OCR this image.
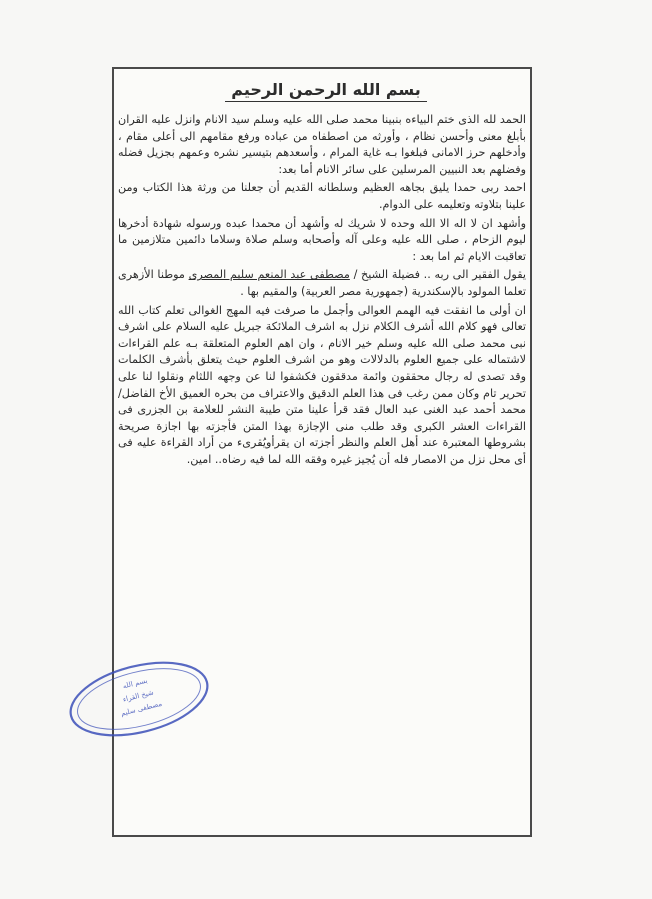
بسم الله الرحمن الرحيم

الحمد لله الذى ختم البياءه بنبينا محمد صلى الله عليه وسلم سيد الانام وانزل عليه القران بأبلغ معنى وأحسن نظام ، وأورثه من اصطفاه من عباده ورفع مقامهم الى أعلى مقام ، وأدخلهم حرز الامانى فبلغوا بـه غاية المرام ، وأسعدهم بتيسير نشره وعمهم بجزيل فضله وفضلهم بعد النبيين المرسلين على سائر الانام أما بعد:

احمد ربى حمدا يليق بجاهه العظيم وسلطانه القديم أن جعلنا من ورثة هذا الكتاب ومن علينا بتلاوته وتعليمه على الدوام.

وأشهد ان لا اله الا الله وحده لا شريك له وأشهد أن محمدا عبده ورسوله شهادة أدخرها ليوم الزحام ، صلى الله عليه وعلى آله وأصحابه وسلم صلاة وسلاما دائمين متلازمين ما تعاقبت الايام ثم اما بعد :

يقول الفقير الى ربه .. فضيلة الشيخ / مصطفى عبد المنعم سليم المصرى موطنا الأزهرى تعلما المولود بالإسكندرية (جمهورية مصر العربية) والمقيم بها .

ان أولى ما انفقت فيه الهمم العوالى وأجمل ما صرفت فيه المهج الغوالى تعلم كتاب الله تعالى فهو كلام الله أشرف الكلام نزل به اشرف الملائكة جبريل عليه السلام على اشرف نبى محمد صلى الله عليه وسلم خير الانام ، وان اهم العلوم المتعلقة بـه علم القراءات لاشتماله على جميع العلوم بالدلالات وهو من اشرف العلوم حيث يتعلق بأشرف الكلمات وقد تصدى له رجال محققون وائمة مدققون فكشفوا لنا عن وجهه اللثام ونقلوا لنا على تحرير تام وكان ممن رغب فى هذا العلم الدقيق والاعتراف من بحره العميق الأخ الفاضل/محمد أحمد عبد الغنى عبد العال فقد قرأ علينا متن طيبة النشر للعلامة بن الجزرى فى القراءات العشر الكبرى وقد طلب منى الإجازة بهذا المتن فأجزته بها اجازة صريحة بشروطها المعتبرة عند أهل العلم والنظر أجزته ان يقرأويُقرىء من أراد القراءة عليه فى أى محل نزل من الامصار فله أن يُجيز غيره وفقه الله لما فيه رضاه.. امين.

بسم الله
شيخ القراء
مصطفى سليم
